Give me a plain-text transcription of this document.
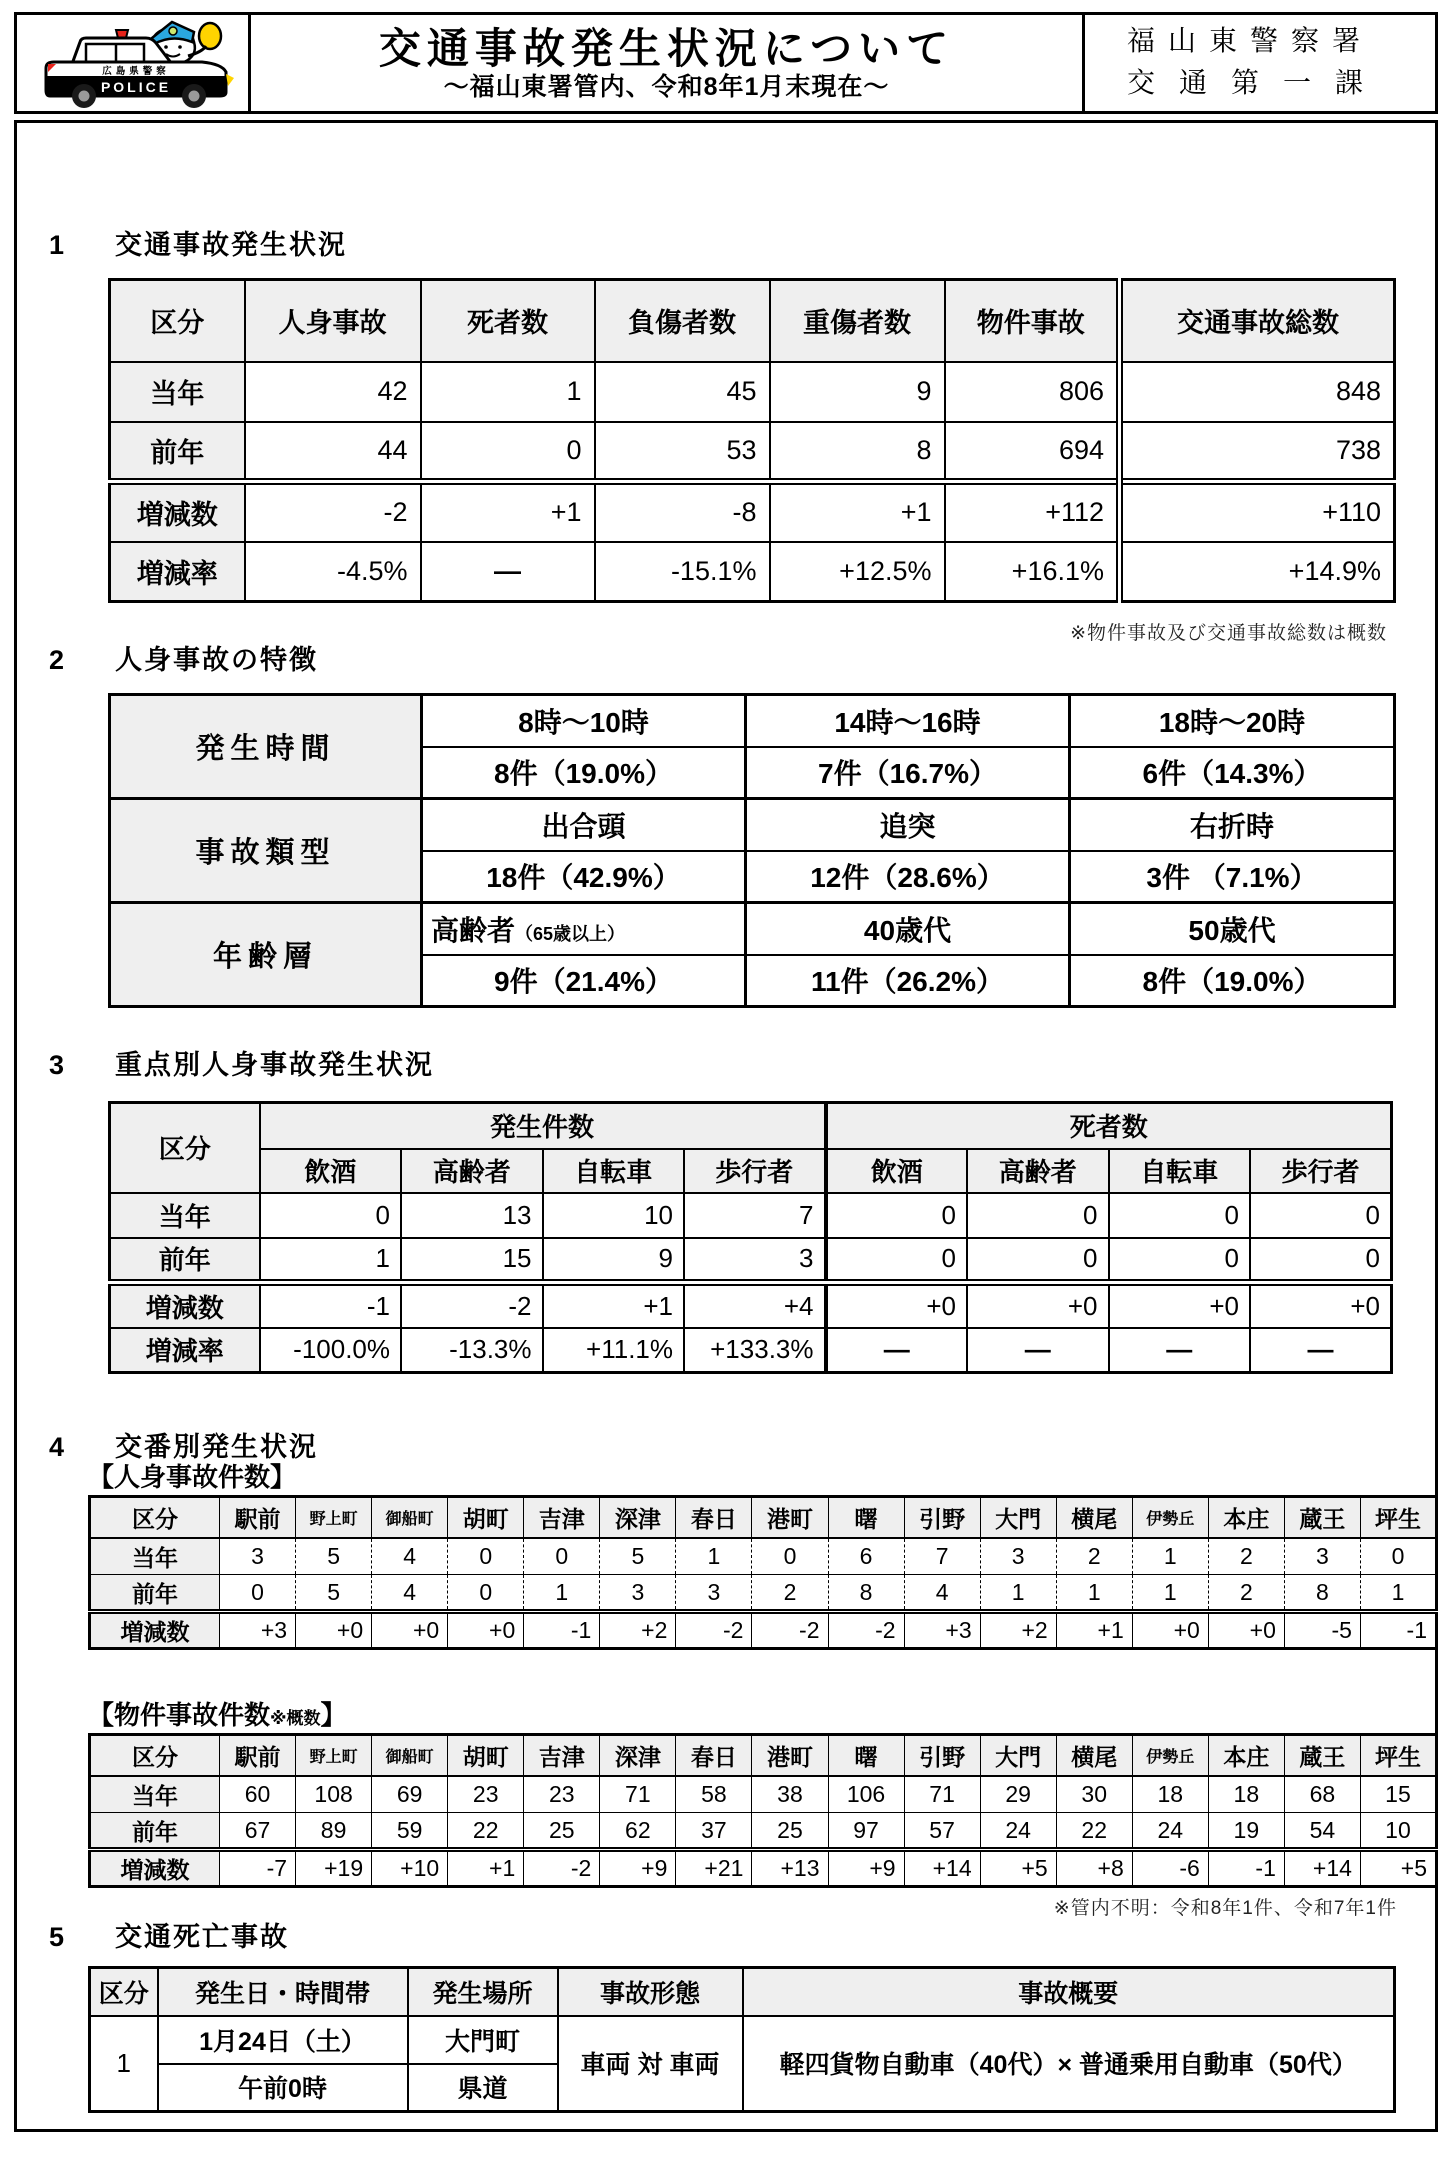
POLICE
広島県警察	交通事故発生状況について
～福山東署管内、令和8年1月末現在～
福山東警察署
交通第一課
1 交通事故発生状況
区分	人身事故	死者数	負傷者数	重傷者数	物件事故	交通事故総数
当年	42	1	45	9	806	848
前年	44	0	53	8	694	738
増減数	-2	+1	-8	+1	+112	+110
増減率	-4.5%	―	-15.1%	+12.5%	+16.1%	+14.9%
※物件事故及び交通事故総数は概数
2 人身事故の特徴
発生時間	8時～10時	14時～16時	18時～20時
	8件（19.0%）	7件（16.7%）	6件（14.3%）
事故類型	出合頭	追突	右折時
	18件（42.9%）	12件（28.6%）	3件 （7.1%）
年齢層	高齢者（65歳以上）	40歳代	50歳代
	9件（21.4%）	11件（26.2%）	8件（19.0%）
3 重点別人身事故発生状況
区分	発生件数				死者数			
	飲酒	高齢者	自転車	歩行者	飲酒	高齢者	自転車	歩行者
当年	0	13	10	7	0	0	0	0
前年	1	15	9	3	0	0	0	0
増減数	-1	-2	+1	+4	+0	+0	+0	+0
増減率	-100.0%	-13.3%	+11.1%	+133.3%	―	―	―	―
4 交番別発生状況
【人身事故件数】
区分	駅前	野上町	御船町	胡町	吉津	深津	春日	港町	曙	引野	大門	横尾	伊勢丘	本庄	蔵王	坪生
当年	3	5	4	0	0	5	1	0	6	7	3	2	1	2	3	0
前年	0	5	4	0	1	3	3	2	8	4	1	1	1	2	8	1
増減数	+3	+0	+0	+0	-1	+2	-2	-2	-2	+3	+2	+1	+0	+0	-5	-1
【物件事故件数※概数】
区分	駅前	野上町	御船町	胡町	吉津	深津	春日	港町	曙	引野	大門	横尾	伊勢丘	本庄	蔵王	坪生
当年	60	108	69	23	23	71	58	38	106	71	29	30	18	18	68	15
前年	67	89	59	22	25	62	37	25	97	57	24	22	24	19	54	10
増減数	-7	+19	+10	+1	-2	+9	+21	+13	+9	+14	+5	+8	-6	-1	+14	+5
※管内不明：令和8年1件、令和7年1件
5 交通死亡事故
区分	発生日・時間帯	発生場所	事故形態	事故概要
1	1月24日（土）	大門町	車両 対 車両	軽四貨物自動車（40代）× 普通乗用自動車（50代）
	午前0時	県道		
